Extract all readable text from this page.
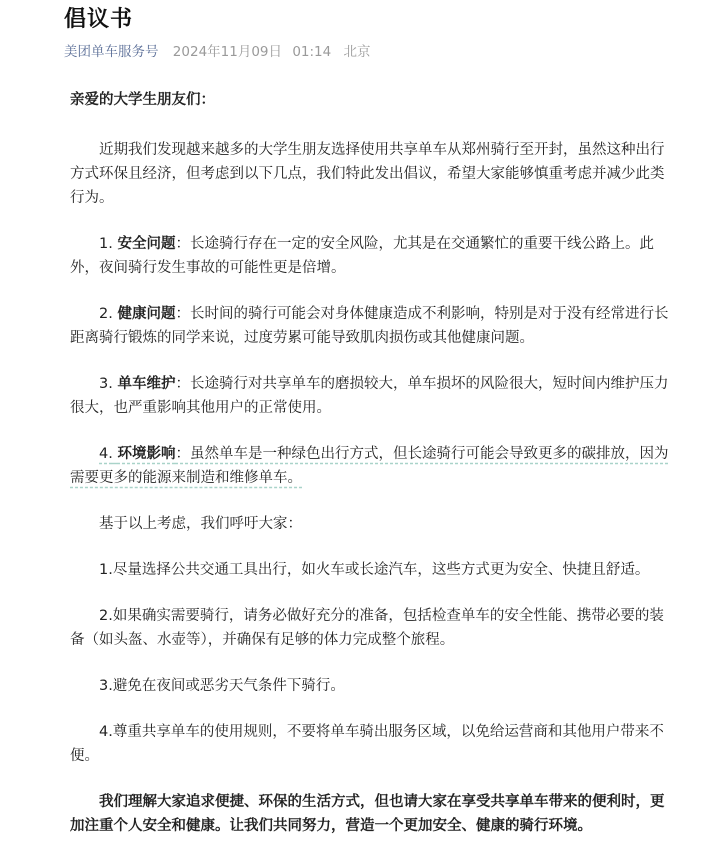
倡议书
美团单车服务号 2024年11月09日 01:14 北京

亲爱的大学生朋友们：

近期我们发现越来越多的大学生朋友选择使用共享单车从郑州骑行至开封，虽然这种出行方式环保且经济，但考虑到以下几点，我们特此发出倡议，希望大家能够慎重考虑并减少此类行为。

1. 安全问题：长途骑行存在一定的安全风险，尤其是在交通繁忙的重要干线公路上。此外，夜间骑行发生事故的可能性更是倍增。

2. 健康问题：长时间的骑行可能会对身体健康造成不利影响，特别是对于没有经常进行长距离骑行锻炼的同学来说，过度劳累可能导致肌肉损伤或其他健康问题。

3. 单车维护：长途骑行对共享单车的磨损较大，单车损坏的风险很大，短时间内维护压力很大，也严重影响其他用户的正常使用。

4. 环境影响：虽然单车是一种绿色出行方式，但长途骑行可能会导致更多的碳排放，因为需要更多的能源来制造和维修单车。

基于以上考虑，我们呼吁大家：

1.尽量选择公共交通工具出行，如火车或长途汽车，这些方式更为安全、快捷且舒适。

2.如果确实需要骑行，请务必做好充分的准备，包括检查单车的安全性能、携带必要的装备（如头盔、水壶等），并确保有足够的体力完成整个旅程。

3.避免在夜间或恶劣天气条件下骑行。

4.尊重共享单车的使用规则，不要将单车骑出服务区域，以免给运营商和其他用户带来不便。

我们理解大家追求便捷、环保的生活方式，但也请大家在享受共享单车带来的便利时，更加注重个人安全和健康。让我们共同努力，营造一个更加安全、健康的骑行环境。
